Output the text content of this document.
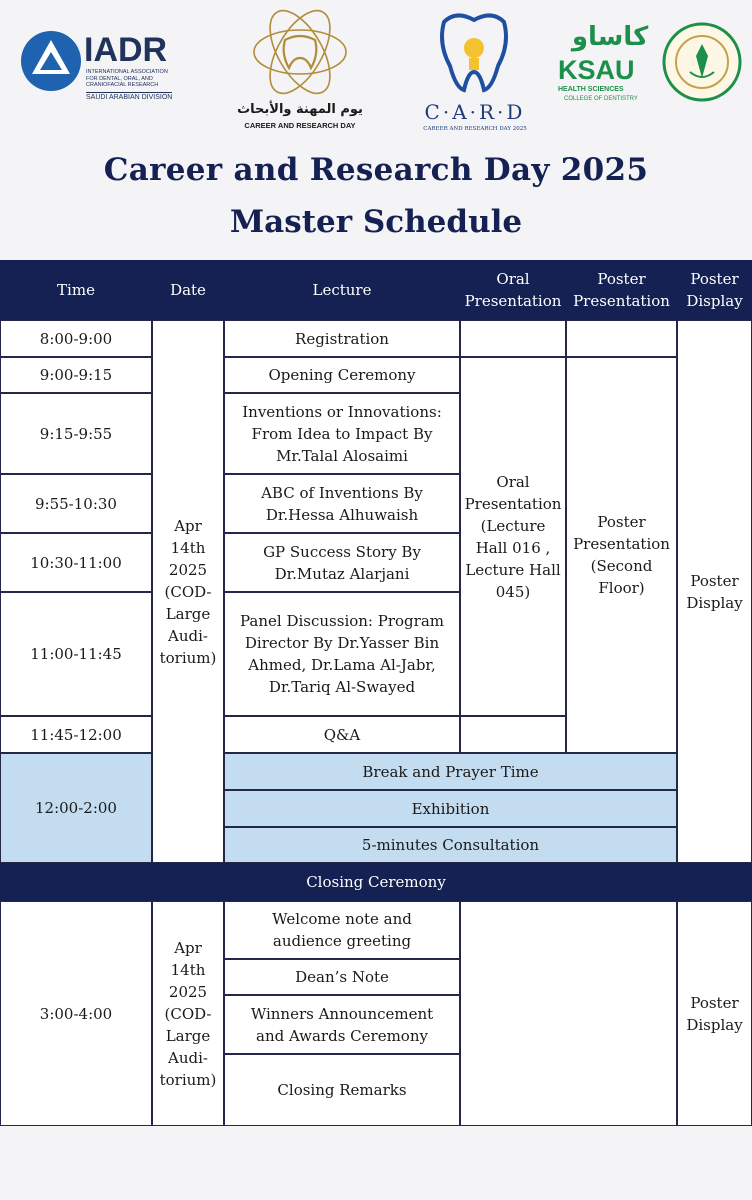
IADR
INTERNATIONAL ASSOCIATION
FOR DENTAL, ORAL, AND
CRANIOFACIAL RESEARCH
SAUDI ARABIAN DIVISION
يوم المهنة والأبحاث
CAREER AND RESEARCH DAY
C·A·R·D
CAREER AND RESEARCH DAY 2025
كاساو
KSAU
HEALTH SCIENCES
COLLEGE OF DENTISTRY
Career and Research Day 2025
Master Schedule
Time	Date	Lecture
Oral Presentation
Poster Presentation
Poster Display
8:00-9:00
9:00-9:15
9:15-9:55
9:55-10:30
10:30-11:00
11:00-11:45
11:45-12:00
12:00-2:00
Apr 14th 2025 (COD-Large Audi-torium)
Registration
Opening Ceremony
Inventions or Innovations: From Idea to Impact By Mr.Talal Alosaimi
ABC of Inventions By Dr.Hessa Alhuwaish
GP Success Story By Dr.Mutaz Alarjani
Panel Discussion: Program Director By Dr.Yasser Bin Ahmed, Dr.Lama Al-Jabr, Dr.Tariq Al-Swayed
Q&A
Oral Presentation (Lecture Hall 016 , Lecture Hall 045)
Poster Presentation (Second Floor)
Break and Prayer Time
Exhibition
5-minutes Consultation
Poster Display
Closing Ceremony
3:00-4:00
Apr 14th 2025 (COD-Large Audi-torium)
Welcome note and audience greeting
Dean’s Note
Winners Announcement and Awards Ceremony
Closing Remarks
Poster Display
